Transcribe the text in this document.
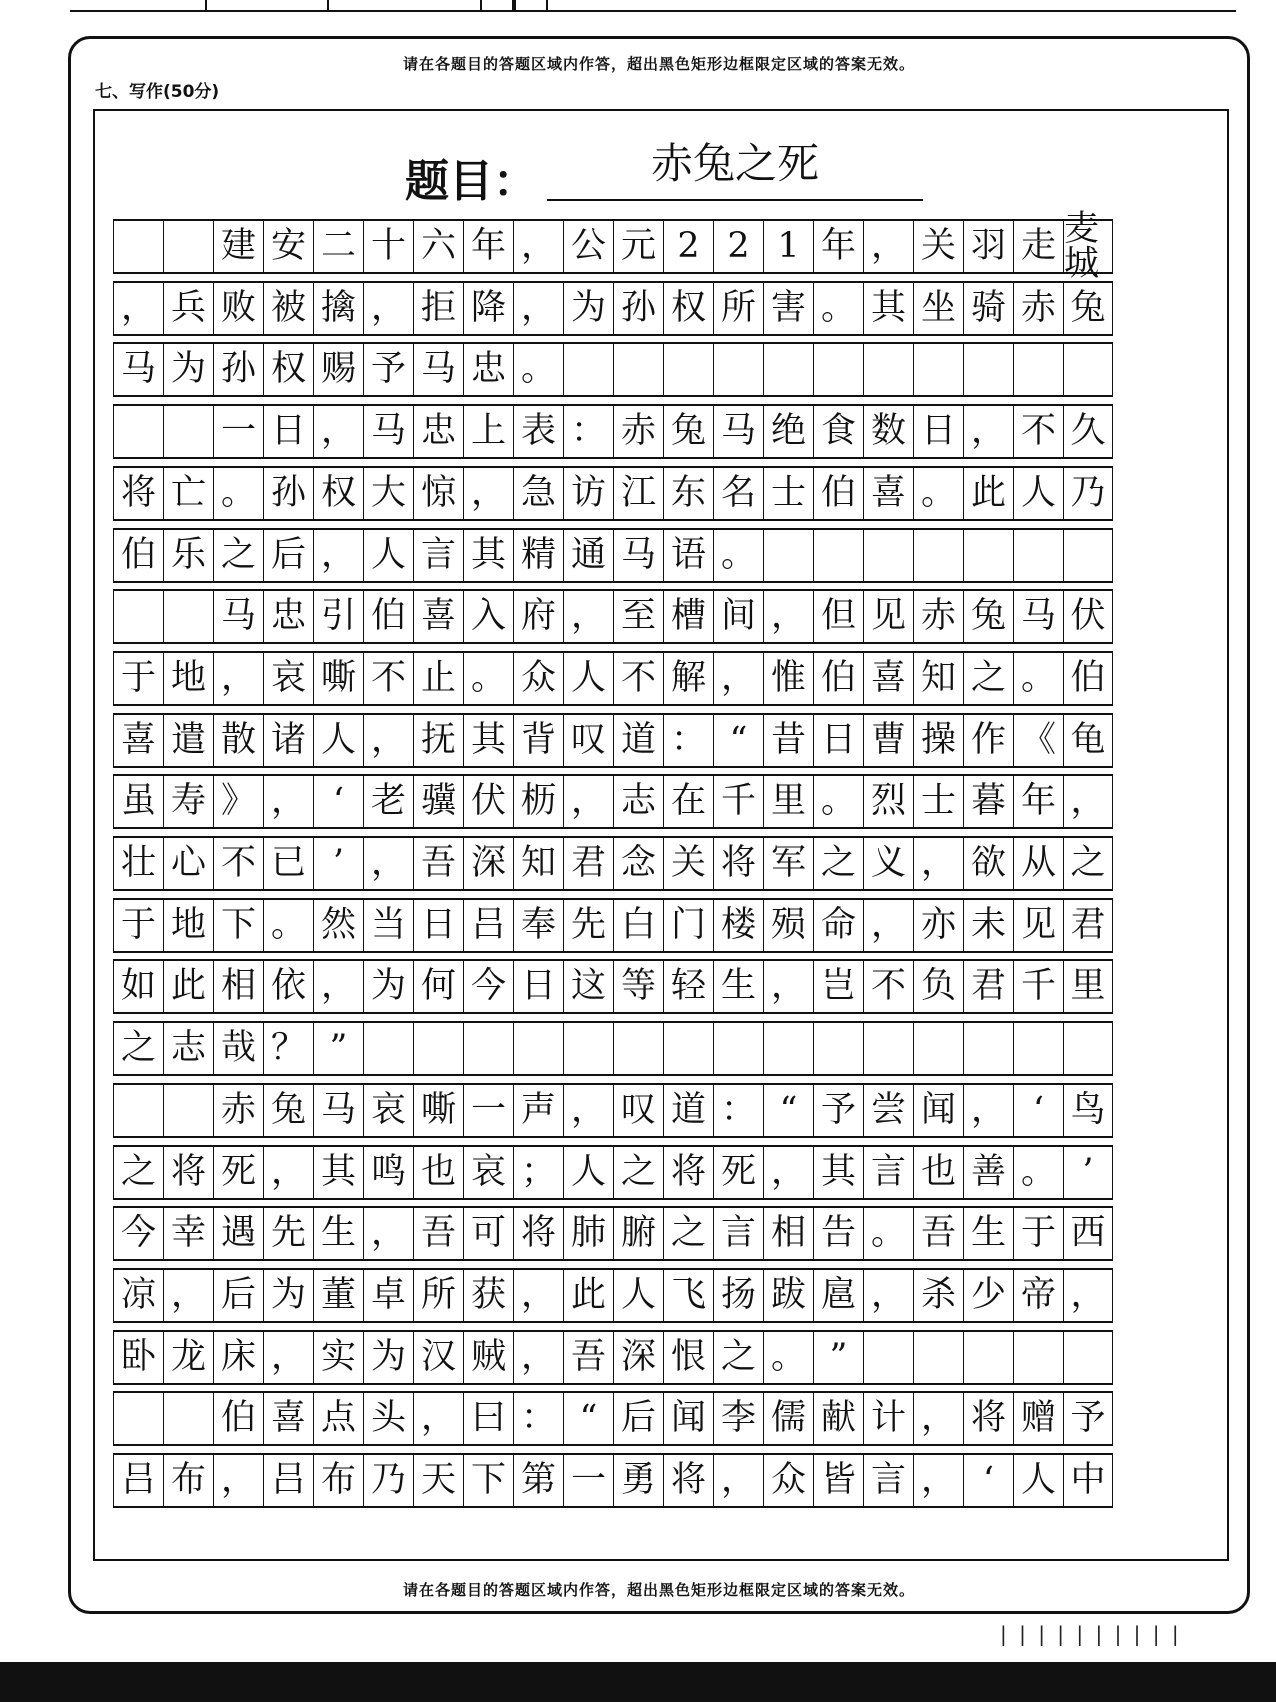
请在各题目的答题区域内作答，超出黑色矩形边框限定区域的答案无效。
七、写作(50分)
题目：	赤兔之死
建 安 二 十 六 年 ， 公 元 2 2 1 年 ， 关 羽 走 麦城
， 兵 败 被 擒 ， 拒 降 ， 为 孙 权 所 害 。 其 坐 骑 赤 兔
马 为 孙 权 赐 予 马 忠 。
一 日 ， 马 忠 上 表 ： 赤 兔 马 绝 食 数 日 ， 不 久
将 亡 。 孙 权 大 惊 ， 急 访 江 东 名 士 伯 喜 。 此 人 乃
伯 乐 之 后 ， 人 言 其 精 通 马 语 。
马 忠 引 伯 喜 入 府 ， 至 槽 间 ， 但 见 赤 兔 马 伏
于 地 ， 哀 嘶 不 止 。 众 人 不 解 ， 惟 伯 喜 知 之 。 伯
喜 遣 散 诸 人 ， 抚 其 背 叹 道 ： “ 昔 日 曹 操 作 《 龟
虽 寿 》 ， ‘ 老 骥 伏 枥 ， 志 在 千 里 。 烈 士 暮 年 ，
壮 心 不 已 ’ ， 吾 深 知 君 念 关 将 军 之 义 ， 欲 从 之
于 地 下 。 然 当 日 吕 奉 先 白 门 楼 殒 命 ， 亦 未 见 君
如 此 相 依 ， 为 何 今 日 这 等 轻 生 ， 岂 不 负 君 千 里
之 志 哉 ？ ”
赤 兔 马 哀 嘶 一 声 ， 叹 道 ： “ 予 尝 闻 ， ‘ 鸟
之 将 死 ， 其 鸣 也 哀 ； 人 之 将 死 ， 其 言 也 善 。 ’
今 幸 遇 先 生 ， 吾 可 将 肺 腑 之 言 相 告 。 吾 生 于 西
凉 ， 后 为 董 卓 所 获 ， 此 人 飞 扬 跋 扈 ， 杀 少 帝 ，
卧 龙 床 ， 实 为 汉 贼 ， 吾 深 恨 之 。 ”
伯 喜 点 头 ， 曰 ： “ 后 闻 李 儒 献 计 ， 将 赠 予
吕 布 ， 吕 布 乃 天 下 第 一 勇 将 ， 众 皆 言 ， ‘ 人 中
请在各题目的答题区域内作答，超出黑色矩形边框限定区域的答案无效。
| | | | | | | | | |
